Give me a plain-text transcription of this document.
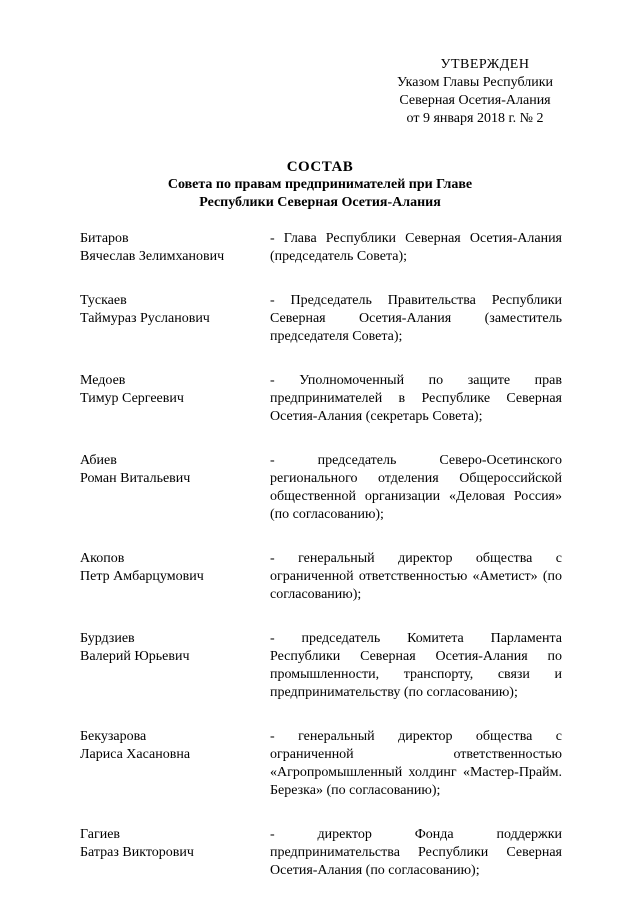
УТВЕРЖДЕН
Указом Главы Республики
Северная Осетия-Алания
от 9 января 2018 г. № 2
СОСТАВ
Совета по правам предпринимателей при Главе
Республики Северная Осетия-Алания
Битаров
Вячеслав Зелимханович
- Глава Республики Северная Осетия-Алания (председатель Совета);
Тускаев
Таймураз Русланович
- Председатель Правительства Республики Северная Осетия-Алания (заместитель председателя Совета);
Медоев
Тимур Сергеевич
- Уполномоченный по защите прав предпринимателей в Республике Северная Осетия-Алания (секретарь Совета);
Абиев
Роман Витальевич
- председатель Северо-Осетинского регионального отделения Общероссийской общественной организации «Деловая Россия» (по согласованию);
Акопов
Петр Амбарцумович
- генеральный директор общества с ограниченной ответственностью «Аметист» (по согласованию);
Бурдзиев
Валерий Юрьевич
- председатель Комитета Парламента Республики Северная Осетия-Алания по промышленности, транспорту, связи и предпринимательству (по согласованию);
Бекузарова
Лариса Хасановна
- генеральный директор общества с ограниченной ответственностью «Агропромышленный холдинг «Мастер-Прайм. Березка» (по согласованию);
Гагиев
Батраз Викторович
- директор Фонда поддержки предпринимательства Республики Северная Осетия-Алания (по согласованию);
